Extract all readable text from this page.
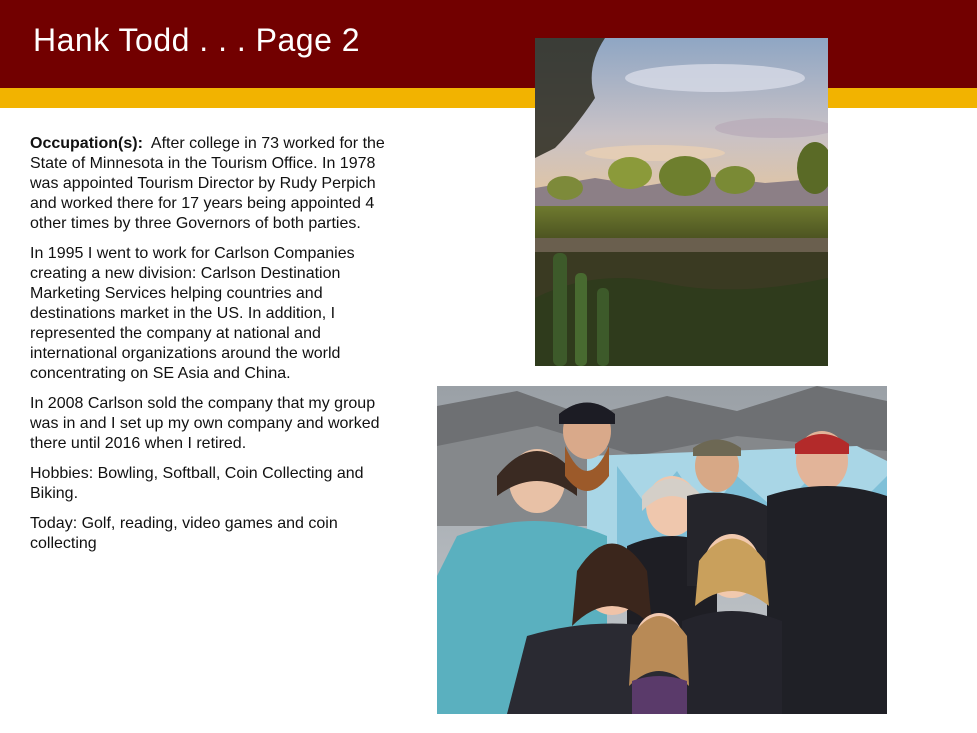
Hank Todd . . . Page 2

Occupation(s): After college in 73 worked for the State of Minnesota in the Tourism Office. In 1978 was appointed Tourism Director by Rudy Perpich and worked there for 17 years being appointed 4 other times by three Governors of both parties.

In 1995 I went to work for Carlson Companies creating a new division: Carlson Destination Marketing Services helping countries and destinations market in the US. In addition, I represented the company at national and international organizations around the world concentrating on SE Asia and China.

In 2008 Carlson sold the company that my group was in and I set up my own company and worked there until 2016 when I retired.

Hobbies: Bowling, Softball, Coin Collecting and Biking.

Today: Golf, reading, video games and coin collecting
